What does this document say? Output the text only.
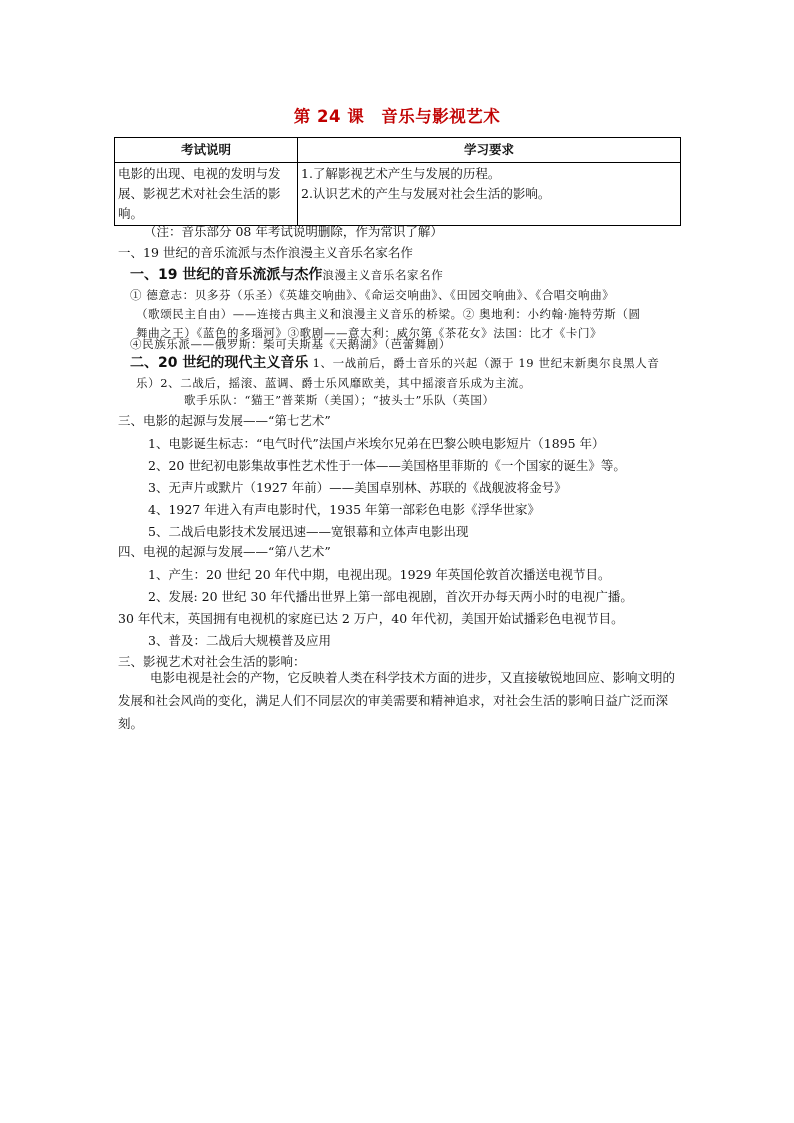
第 24 课　音乐与影视艺术
考试说明	学习要求
电影的出现、电视的发明与发展、影视艺术对社会生活的影响。	1.了解影视艺术产生与发展的历程。
2.认识艺术的产生与发展对社会生活的影响。
（注：音乐部分 08 年考试说明删除，作为常识了解）
一、19 世纪的音乐流派与杰作浪漫主义音乐名家名作
一、19 世纪的音乐流派与杰作浪漫主义音乐名家名作
① 德意志：贝多芬（乐圣）《英雄交响曲》、《命运交响曲》、《田园交响曲》、《合唱交响曲》
（歌颂民主自由）——连接古典主义和浪漫主义音乐的桥梁。② 奥地利：小约翰·施特劳斯（圆
舞曲之王）《蓝色的多瑙河》③歌剧——意大利：威尔第《茶花女》法国：比才《卡门》
④民族乐派——俄罗斯：柴可夫斯基《天鹅湖》（芭蕾舞剧）
二、20 世纪的现代主义音乐 1、一战前后，爵士音乐的兴起（源于 19 世纪末新奥尔良黑人音
乐）2、二战后，摇滚、蓝调、爵士乐风靡欧美，其中摇滚音乐成为主流。
歌手乐队：“猫王”普莱斯（美国）；“披头士”乐队（英国）
三、电影的起源与发展——“第七艺术”
1、电影诞生标志：“电气时代”法国卢米埃尔兄弟在巴黎公映电影短片（1895 年）
2、20 世纪初电影集故事性艺术性于一体——美国格里菲斯的《一个国家的诞生》等。
3、无声片或默片（1927 年前）——美国卓别林、苏联的《战舰波将金号》
4、1927 年进入有声电影时代，1935 年第一部彩色电影《浮华世家》
5、二战后电影技术发展迅速——宽银幕和立体声电影出现
四、电视的起源与发展——“第八艺术”
1、产生：20 世纪 20 年代中期，电视出现。1929 年英国伦敦首次播送电视节目。
2、发展: 20 世纪 30 年代播出世界上第一部电视剧，首次开办每天两小时的电视广播。
30 年代末，英国拥有电视机的家庭已达 2 万户，40 年代初，美国开始试播彩色电视节目。
3、普及：二战后大规模普及应用
三、影视艺术对社会生活的影响：
电影电视是社会的产物，它反映着人类在科学技术方面的进步，又直接敏锐地回应、影响文明的发展和社会风尚的变化，满足人们不同层次的审美需要和精神追求，对社会生活的影响日益广泛而深刻。
